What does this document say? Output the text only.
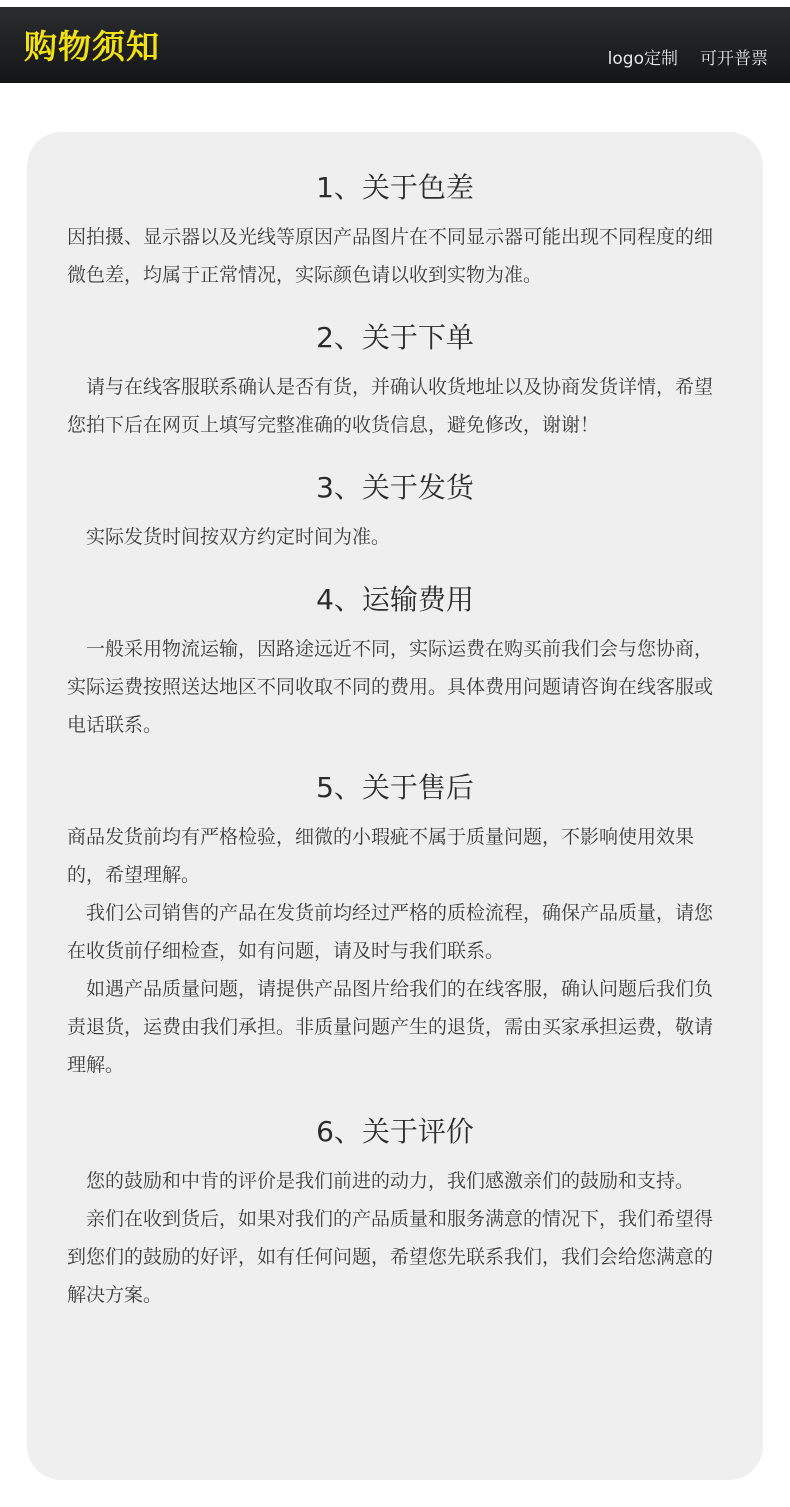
购物须知	logo定制 可开普票
1、关于色差

因拍摄、显示器以及光线等原因产品图片在不同显示器可能出现不同程度的细微色差，均属于正常情况，实际颜色请以收到实物为准。

2、关于下单

请与在线客服联系确认是否有货，并确认收货地址以及协商发货详情，希望您拍下后在网页上填写完整准确的收货信息，避免修改，谢谢！

3、关于发货

实际发货时间按双方约定时间为准。

4、运输费用

一般采用物流运输，因路途远近不同，实际运费在购买前我们会与您协商，实际运费按照送达地区不同收取不同的费用。具体费用问题请咨询在线客服或电话联系。

5、关于售后

商品发货前均有严格检验，细微的小瑕疵不属于质量问题，不影响使用效果的，希望理解。

我们公司销售的产品在发货前均经过严格的质检流程，确保产品质量，请您在收货前仔细检查，如有问题，请及时与我们联系。

如遇产品质量问题，请提供产品图片给我们的在线客服，确认问题后我们负责退货，运费由我们承担。非质量问题产生的退货，需由买家承担运费，敬请理解。

6、关于评价

您的鼓励和中肯的评价是我们前进的动力，我们感激亲们的鼓励和支持。

亲们在收到货后，如果对我们的产品质量和服务满意的情况下，我们希望得到您们的鼓励的好评，如有任何问题，希望您先联系我们，我们会给您满意的解决方案。
